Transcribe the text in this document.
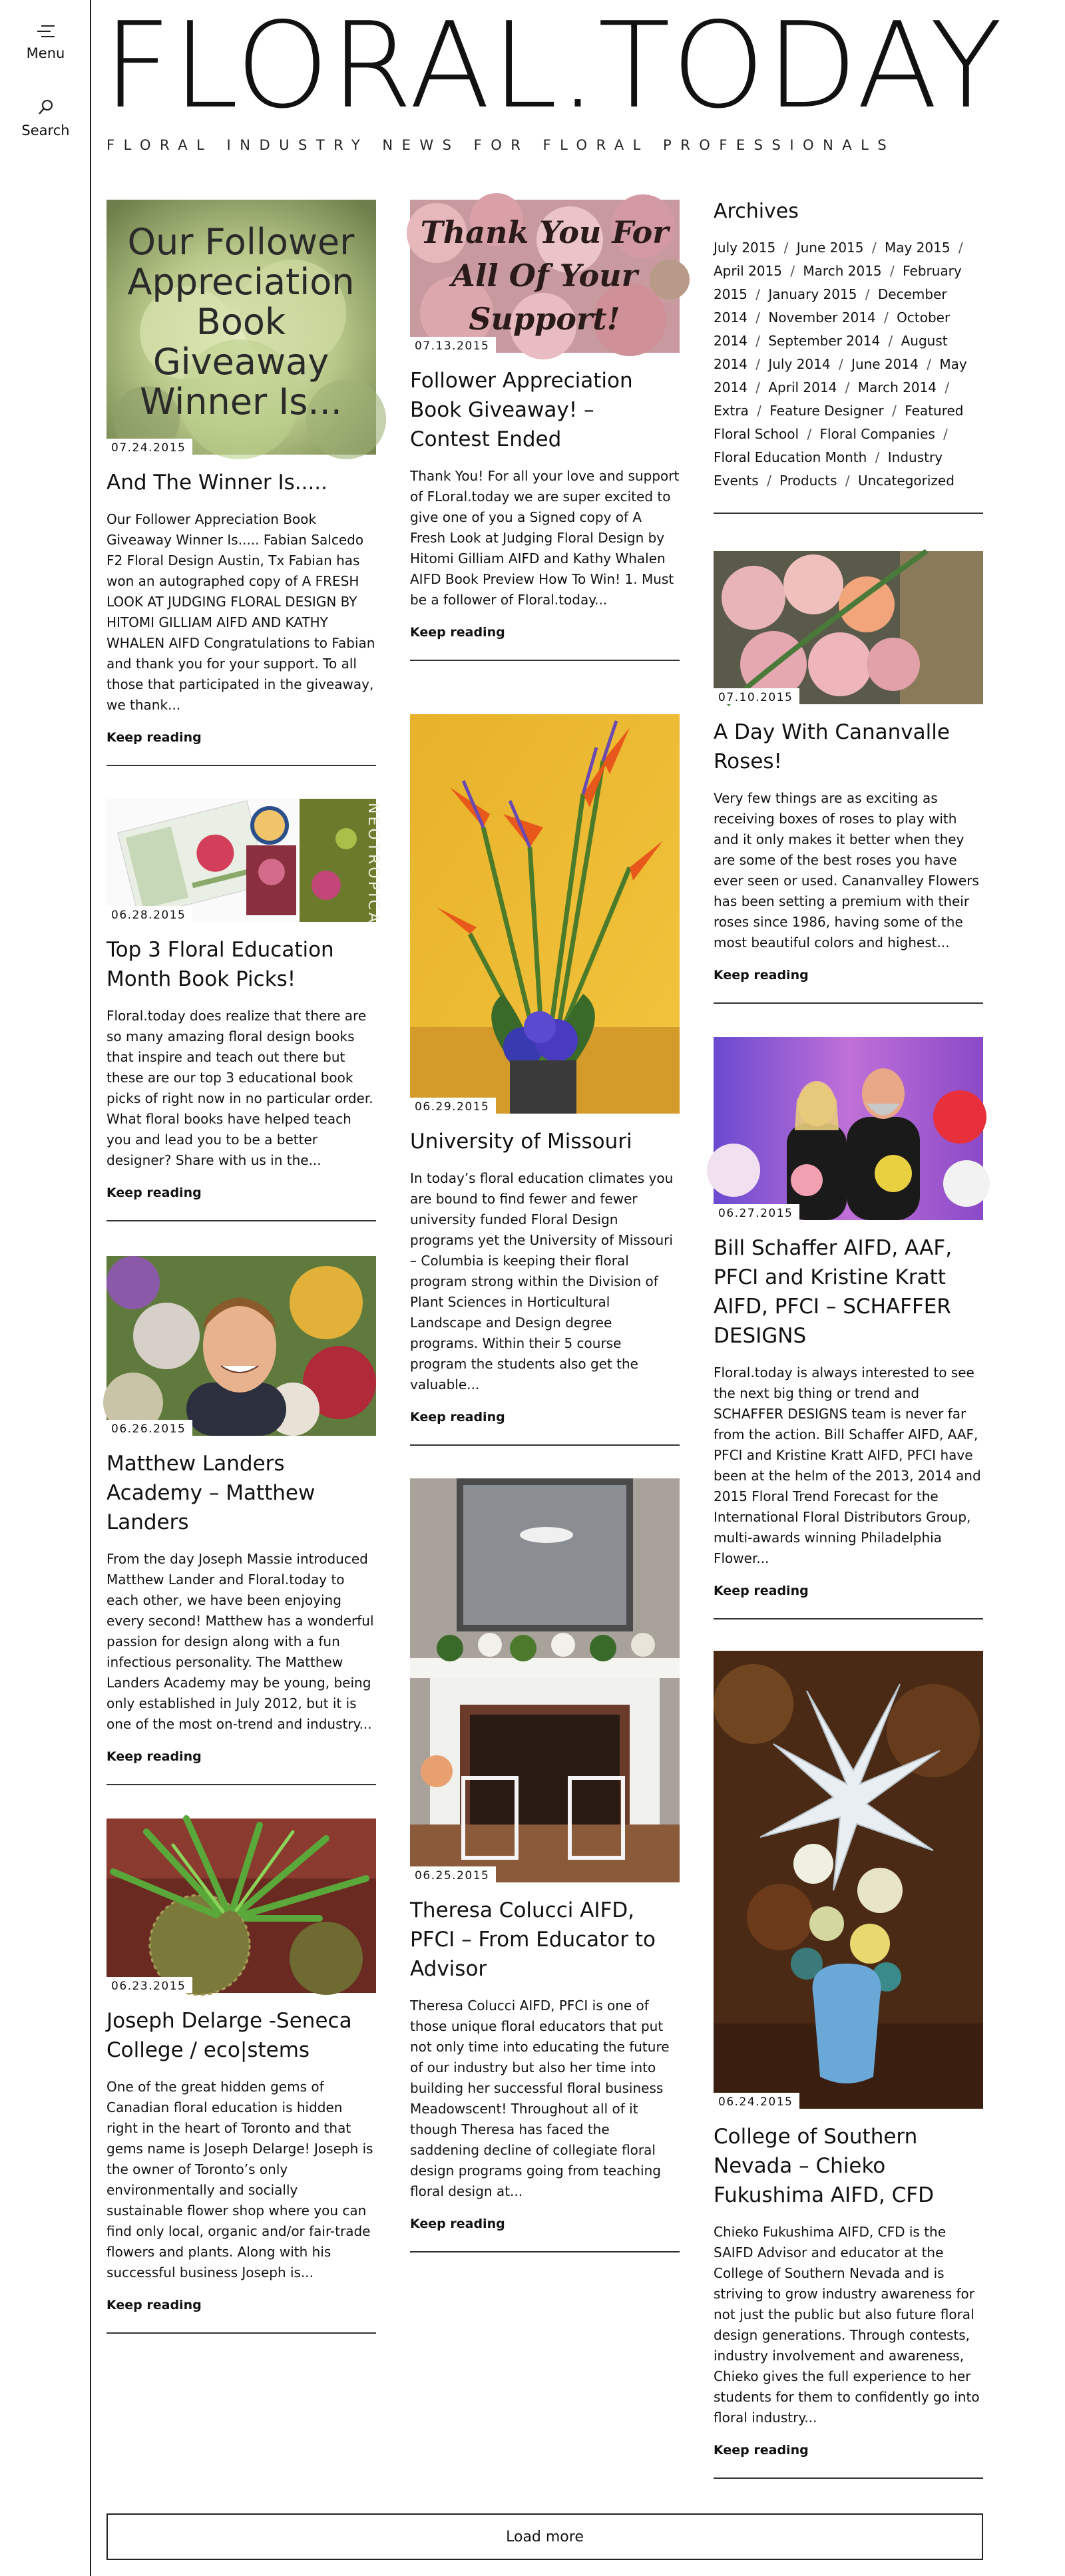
Menu
Search FLORAL.TODAY
FLORAL INDUSTRY NEWS FOR FLORAL PROFESSIONALS
Our Follower
Appreciation
Book
Giveaway
Winner Is...
07.24.2015
And The Winner Is.....
Our Follower Appreciation Book Giveaway Winner Is..... Fabian Salcedo F2 Floral Design Austin, Tx Fabian has won an autographed copy of A FRESH LOOK AT JUDGING FLORAL DESIGN BY HITOMI GILLIAM AIFD AND KATHY WHALEN AIFD Congratulations to Fabian and thank you for your support. To all those that participated in the giveaway, we thank...
Keep reading
NEOTROPICA
06.28.2015
Top 3 Floral Education Month Book Picks!
Floral.today does realize that there are so many amazing floral design books that inspire and teach out there but these are our top 3 educational book picks of right now in no particular order. What floral books have helped teach you and lead you to be a better designer? Share with us in the...
Keep reading
06.26.2015
Matthew Landers Academy – Matthew Landers
From the day Joseph Massie introduced Matthew Lander and Floral.today to each other, we have been enjoying every second! Matthew has a wonderful passion for design along with a fun infectious personality. The Matthew Landers Academy may be young, being only established in July 2012, but it is one of the most on-trend and industry...
Keep reading
06.23.2015
Joseph Delarge -Seneca College / eco|stems
One of the great hidden gems of Canadian floral education is hidden right in the heart of Toronto and that gems name is Joseph Delarge! Joseph is the owner of Toronto’s only environmentally and socially sustainable flower shop where you can find only local, organic and/or fair-trade flowers and plants. Along with his successful business Joseph is...
Keep reading
Thank You For
All Of Your
Support!
07.13.2015
Follower Appreciation Book Giveaway! – Contest Ended
Thank You! For all your love and support of FLoral.today we are super excited to give one of you a Signed copy of A Fresh Look at Judging Floral Design by Hitomi Gilliam AIFD and Kathy Whalen AIFD Book Preview How To Win! 1. Must be a follower of Floral.today...
Keep reading
06.29.2015
University of Missouri
In today’s floral education climates you are bound to find fewer and fewer university funded Floral Design programs yet the University of Missouri – Columbia is keeping their floral program strong within the Division of Plant Sciences in Horticultural Landscape and Design degree programs. Within their 5 course program the students also get the valuable...
Keep reading
06.25.2015
Theresa Colucci AIFD, PFCI – From Educator to Advisor
Theresa Colucci AIFD, PFCI is one of those unique floral educators that put not only time into educating the future of our industry but also her time into building her successful floral business Meadowscent! Throughout all of it though Theresa has faced the saddening decline of collegiate floral design programs going from teaching floral design at...
Keep reading
Archives
July 2015 / June 2015 / May 2015 / April 2015 / March 2015 / February 2015 / January 2015 / December 2014 / November 2014 / October 2014 / September 2014 / August 2014 / July 2014 / June 2014 / May 2014 / April 2014 / March 2014 / Extra / Feature Designer / Featured Floral School / Floral Companies / Floral Education Month / Industry Events / Products / Uncategorized
07.10.2015
A Day With Cananvalle Roses!
Very few things are as exciting as receiving boxes of roses to play with and it only makes it better when they are some of the best roses you have ever seen or used. Cananvalley Flowers has been setting a premium with their roses since 1986, having some of the most beautiful colors and highest...
Keep reading
06.27.2015
Bill Schaffer AIFD, AAF, PFCI and Kristine Kratt AIFD, PFCI – SCHAFFER DESIGNS
Floral.today is always interested to see the next big thing or trend and SCHAFFER DESIGNS team is never far from the action. Bill Schaffer AIFD, AAF, PFCI and Kristine Kratt AIFD, PFCI have been at the helm of the 2013, 2014 and 2015 Floral Trend Forecast for the International Floral Distributors Group, multi-awards winning Philadelphia Flower...
Keep reading
06.24.2015
College of Southern Nevada – Chieko Fukushima AIFD, CFD
Chieko Fukushima AIFD, CFD is the SAIFD Advisor and educator at the College of Southern Nevada and is striving to grow industry awareness for not just the public but also future floral design generations. Through contests, industry involvement and awareness, Chieko gives the full experience to her students for them to confidently go into floral industry...
Keep reading
Load more
